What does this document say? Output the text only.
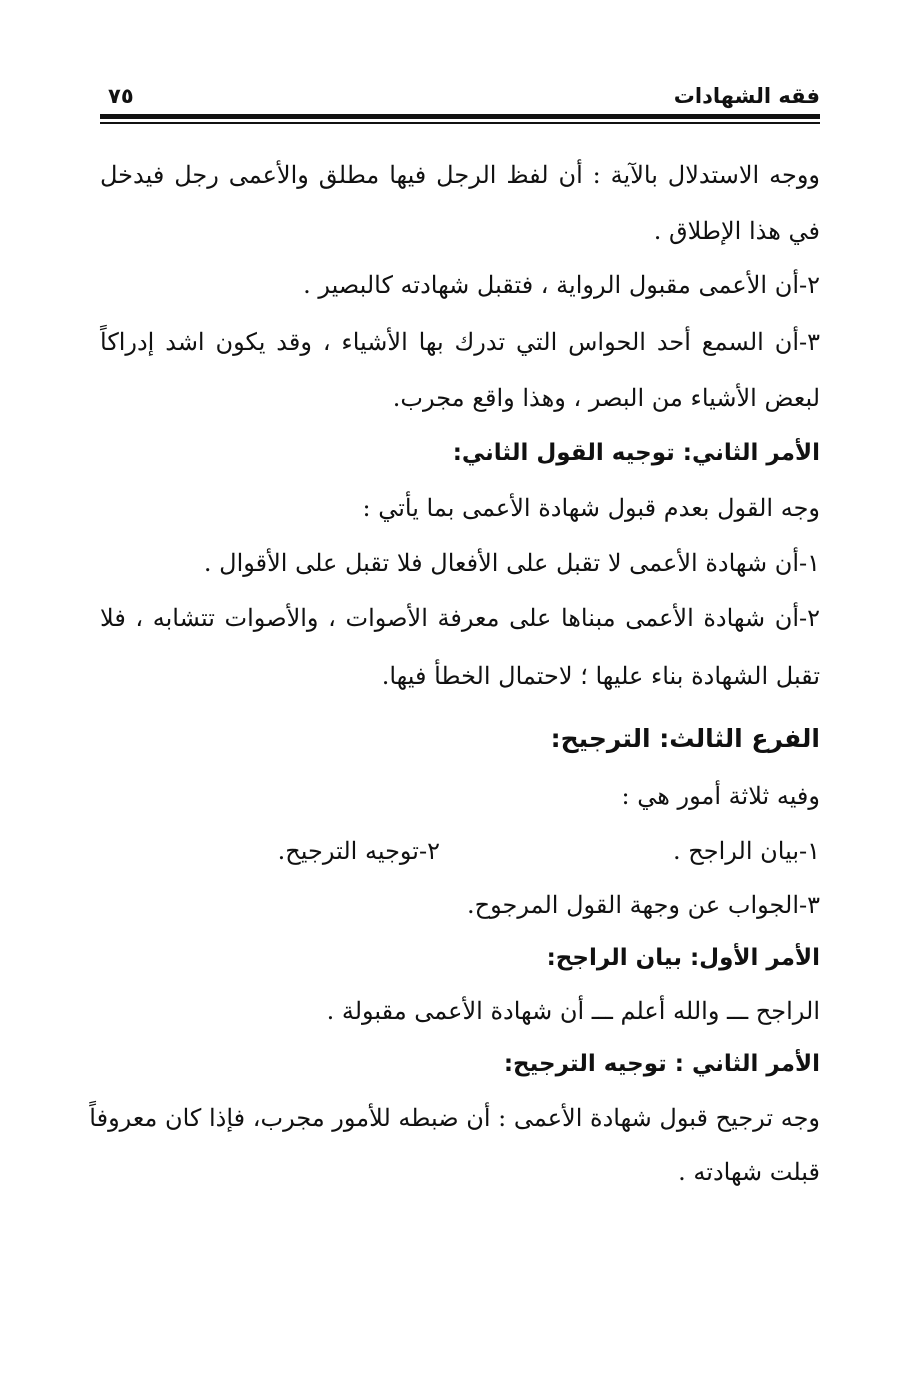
فقه الشهادات
٧٥
ووجه الاستدلال بالآية : أن لفظ الرجل فيها مطلق والأعمى رجل فيدخل
في هذا الإطلاق .
٢-أن الأعمى مقبول الرواية ، فتقبل شهادته كالبصير .
٣-أن السمع أحد الحواس التي تدرك بها الأشياء ، وقد يكون اشد إدراكاً
لبعض الأشياء من البصر ، وهذا واقع مجرب.
الأمر الثاني: توجيه القول الثاني:
وجه القول بعدم قبول شهادة الأعمى بما يأتي :
١-أن شهادة الأعمى لا تقبل على الأفعال فلا تقبل على الأقوال .
٢-أن شهادة الأعمى مبناها على معرفة الأصوات ، والأصوات تتشابه ، فلا
تقبل الشهادة بناء عليها ؛ لاحتمال الخطأ فيها.
الفرع الثالث: الترجيح:
وفيه ثلاثة أمور هي :
١-بيان الراجح .
٢-توجيه الترجيح.
٣-الجواب عن وجهة القول المرجوح.
الأمر الأول: بيان الراجح:
الراجح ـــ والله أعلم ـــ أن شهادة الأعمى مقبولة .
الأمر الثاني : توجيه الترجيح:
وجه ترجيح قبول شهادة الأعمى : أن ضبطه للأمور مجرب، فإذا كان معروفاً
قبلت شهادته .
